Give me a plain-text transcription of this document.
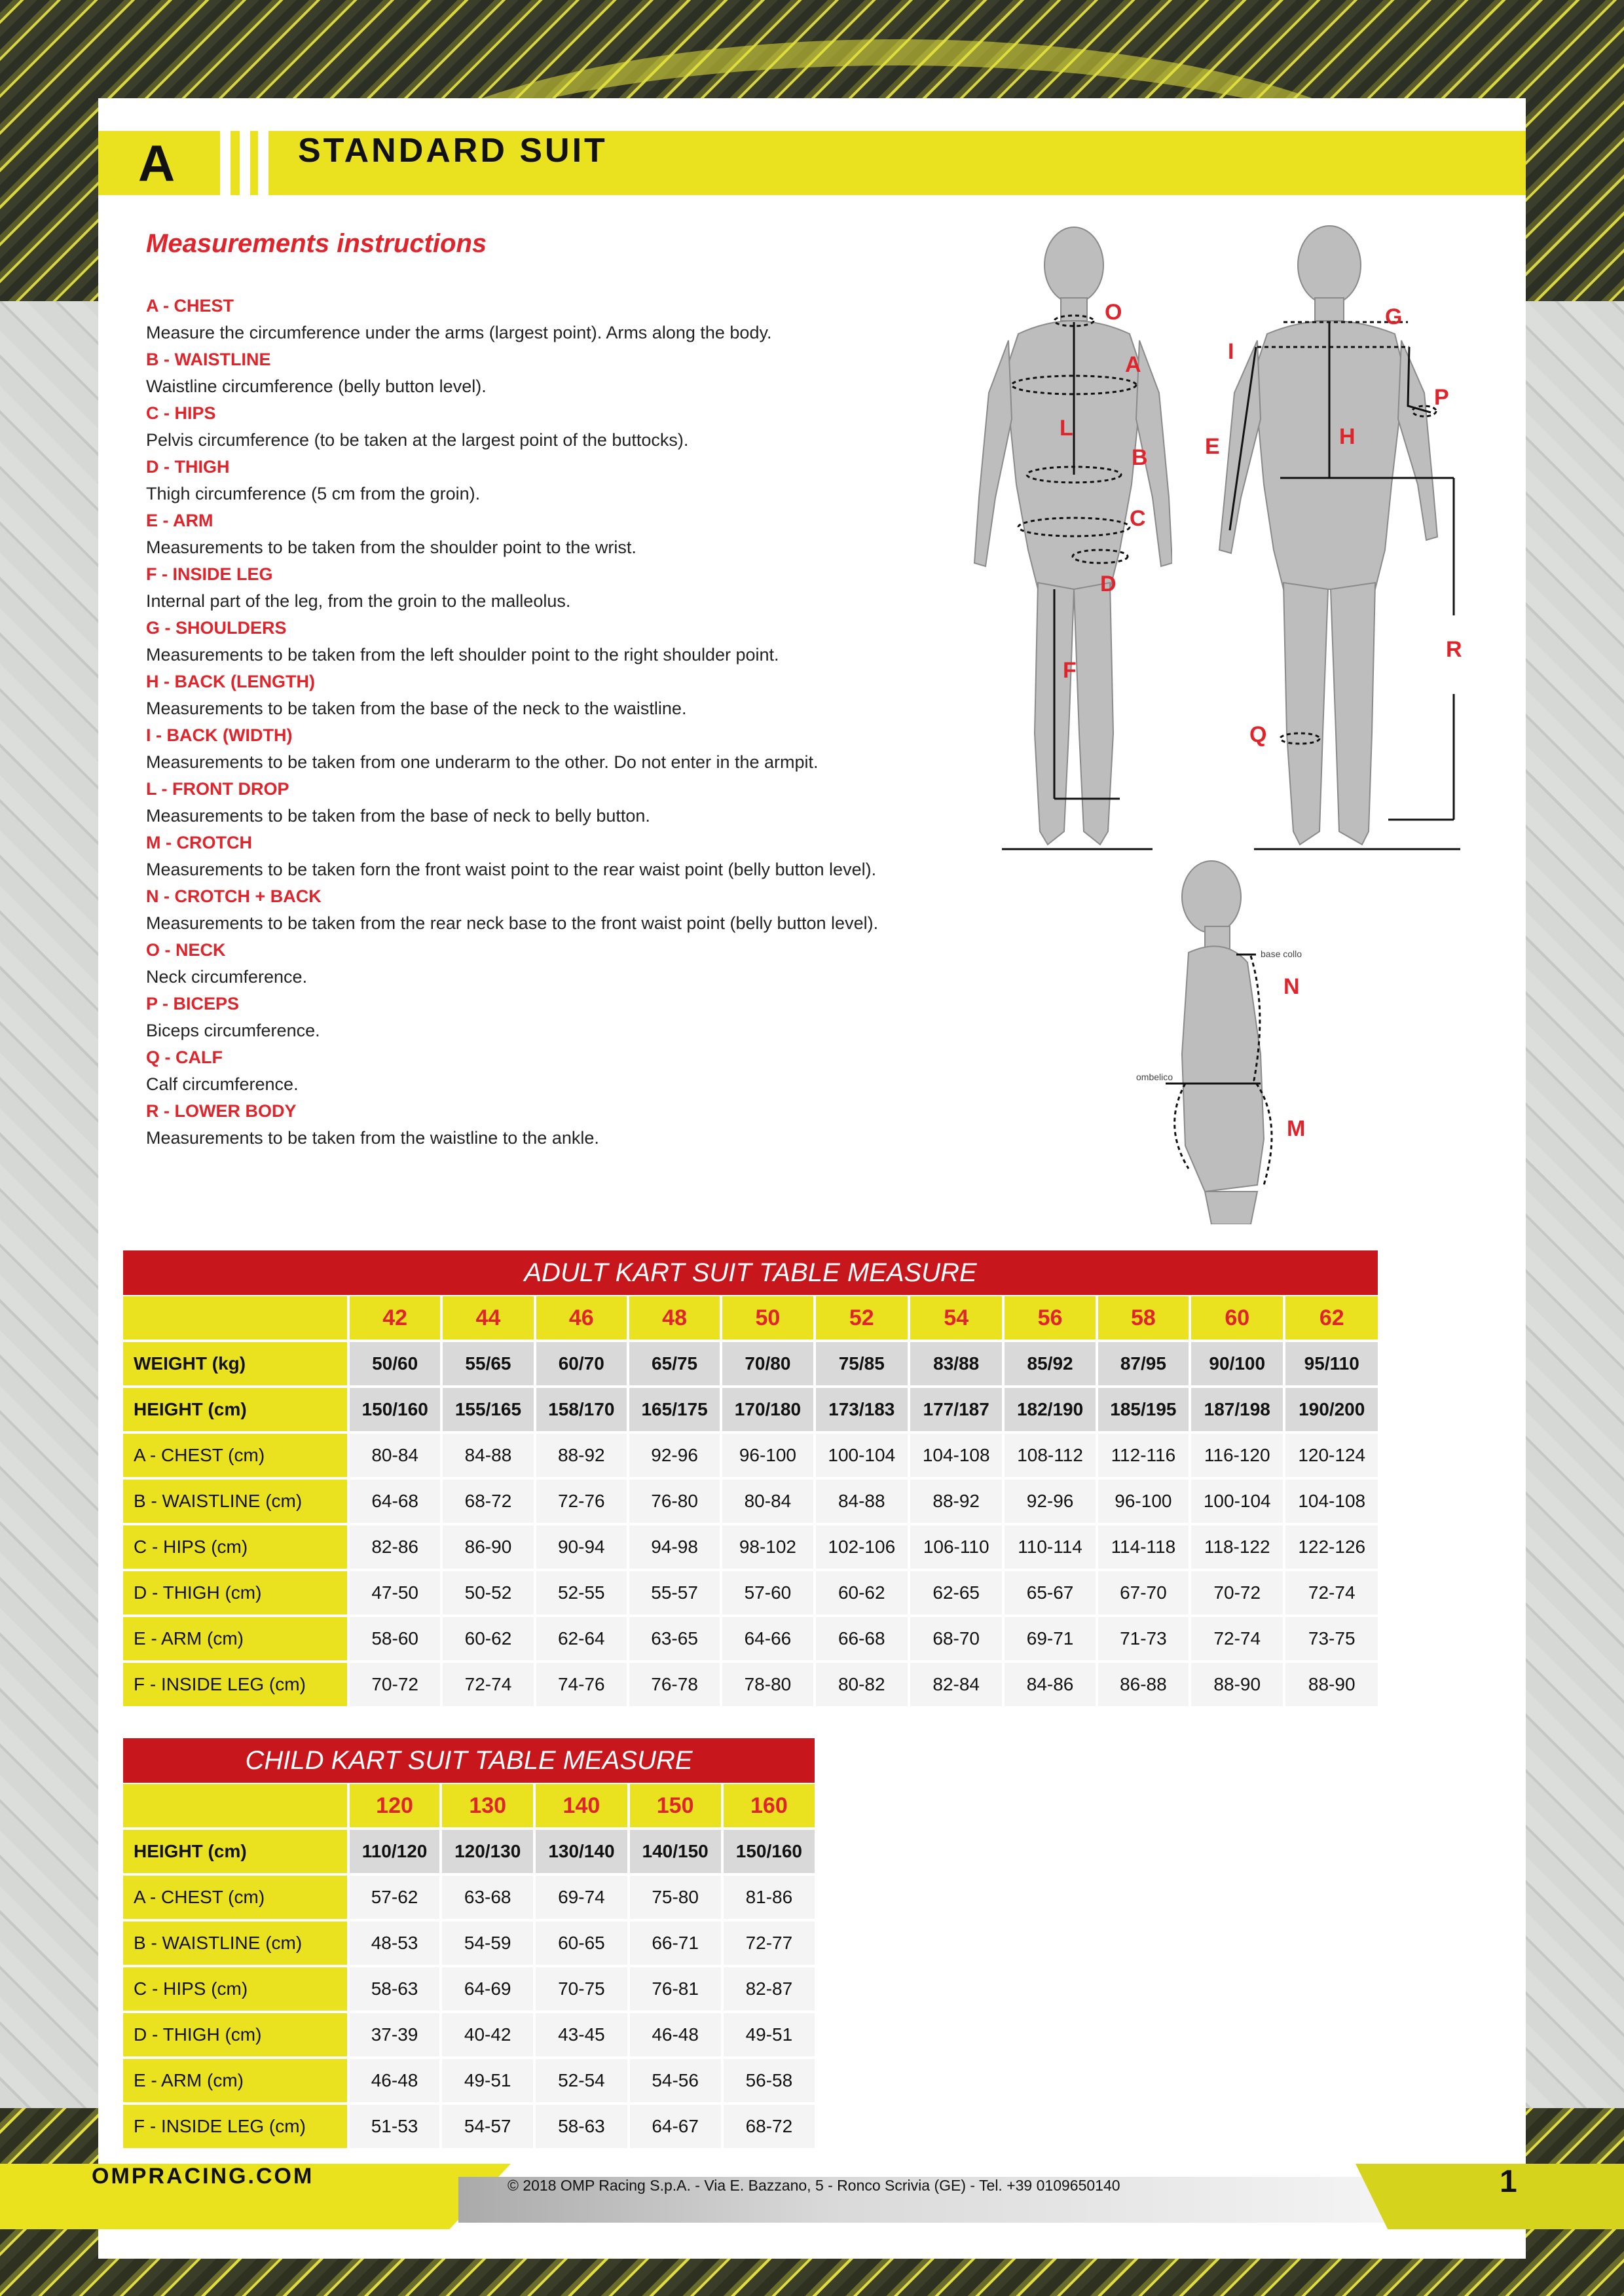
A	STANDARD SUIT
Measurements instructions
A - CHEST
Measure the circumference under the arms (largest point). Arms along the body.
B - WAISTLINE
Waistline circumference (belly button level).
C - HIPS
Pelvis circumference (to be taken at the largest point of the buttocks).
D - THIGH
Thigh circumference (5 cm from the groin).
E - ARM
Measurements to be taken from the shoulder point to the wrist.
F - INSIDE LEG
Internal part of the leg, from the groin to the malleolus.
G - SHOULDERS
Measurements to be taken from the left shoulder point to the right shoulder point.
H - BACK (LENGTH)
Measurements to be taken from the base of the neck to the waistline.
I - BACK (WIDTH)
Measurements to be taken from one underarm to the other. Do not enter in the armpit.
L - FRONT DROP
Measurements to be taken from the base of neck to belly button.
M - CROTCH
Measurements to be taken forn the front waist point to the rear waist point (belly button level).
N - CROTCH + BACK
Measurements to be taken from the rear neck base to the front waist point (belly button level).
O - NECK
Neck circumference.
P - BICEPS
Biceps circumference.
Q - CALF
Calf circumference.
R - LOWER BODY
Measurements to be taken from the waistline to the ankle.
O
A
L
B
C
D
F
G
I
P
E	H
R
Q
base collo
ombelico
N
M
ADULT KART SUIT TABLE MEASURE
	42	44	46	48	50	52	54	56	58	60	62
WEIGHT (kg)	50/60	55/65	60/70	65/75	70/80	75/85	83/88	85/92	87/95	90/100	95/110
HEIGHT (cm)	150/160	155/165	158/170	165/175	170/180	173/183	177/187	182/190	185/195	187/198	190/200
A - CHEST (cm)	80-84	84-88	88-92	92-96	96-100	100-104	104-108	108-112	112-116	116-120	120-124
B - WAISTLINE (cm)	64-68	68-72	72-76	76-80	80-84	84-88	88-92	92-96	96-100	100-104	104-108
C - HIPS (cm)	82-86	86-90	90-94	94-98	98-102	102-106	106-110	110-114	114-118	118-122	122-126
D - THIGH (cm)	47-50	50-52	52-55	55-57	57-60	60-62	62-65	65-67	67-70	70-72	72-74
E - ARM (cm)	58-60	60-62	62-64	63-65	64-66	66-68	68-70	69-71	71-73	72-74	73-75
F - INSIDE LEG (cm)	70-72	72-74	74-76	76-78	78-80	80-82	82-84	84-86	86-88	88-90	88-90
CHILD KART SUIT TABLE MEASURE
	120	130	140	150	160
HEIGHT (cm)	110/120	120/130	130/140	140/150	150/160
A - CHEST (cm)	57-62	63-68	69-74	75-80	81-86
B - WAISTLINE (cm)	48-53	54-59	60-65	66-71	72-77
C - HIPS (cm)	58-63	64-69	70-75	76-81	82-87
D - THIGH (cm)	37-39	40-42	43-45	46-48	49-51
E - ARM (cm)	46-48	49-51	52-54	54-56	56-58
F - INSIDE LEG (cm)	51-53	54-57	58-63	64-67	68-72
OMPRACING.COM	© 2018 OMP Racing S.p.A. - Via E. Bazzano, 5 - Ronco Scrivia (GE) - Tel. +39 0109650140	1
